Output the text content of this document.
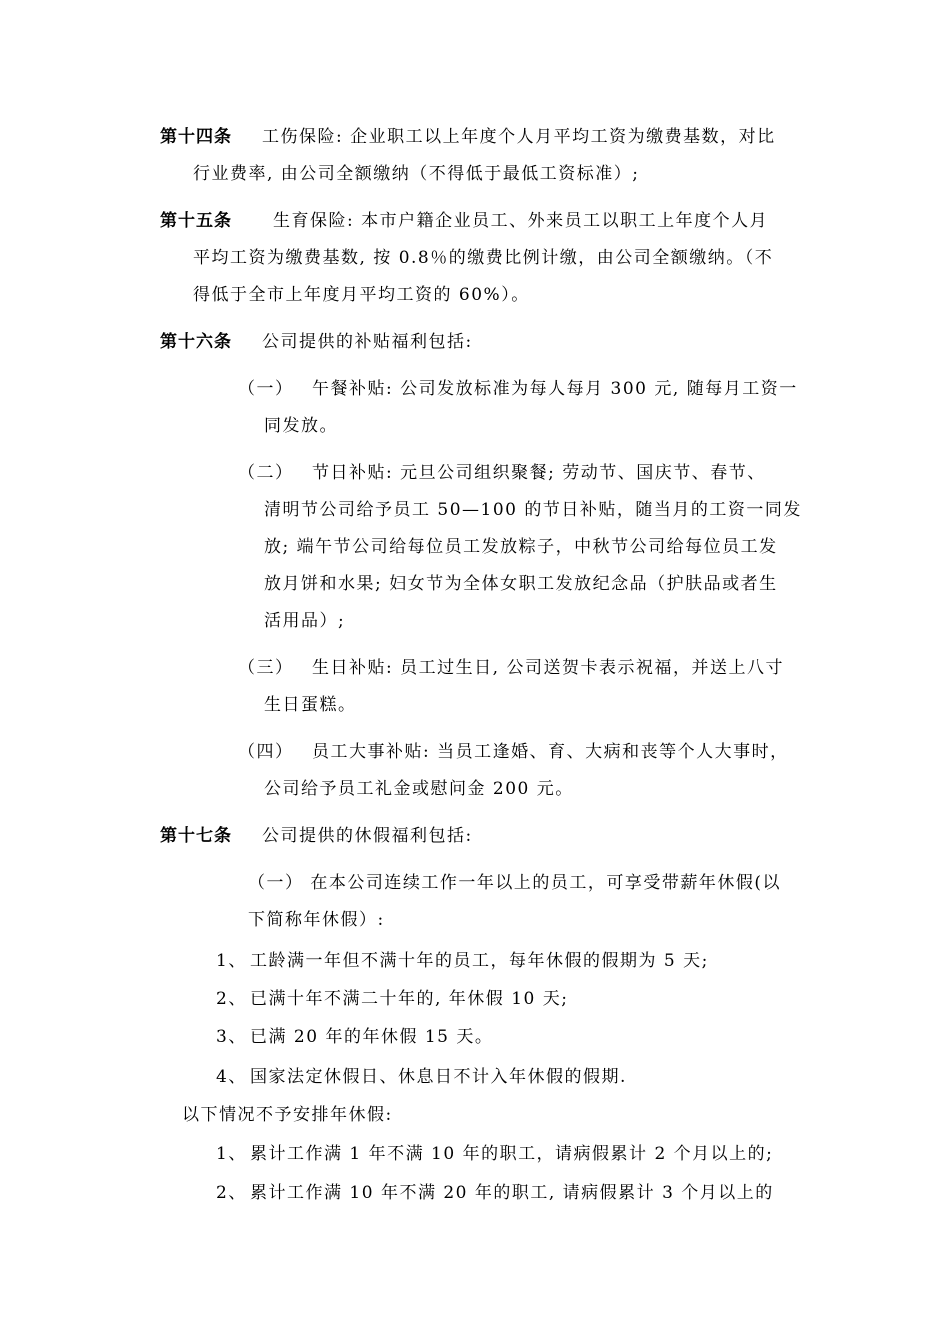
第十四条 工伤保险: 企业职工以上年度个人月平均工资为缴费基数，对比
行业费率, 由公司全额缴纳（不得低于最低工资标准）;
第十五条 生育保险: 本市户籍企业员工、外来员工以职工上年度个人月
平均工资为缴费基数, 按 0.8％的缴费比例计缴，由公司全额缴纳。（不
得低于全市上年度月平均工资的 60%）。
第十六条 公司提供的补贴福利包括:
（一） 午餐补贴: 公司发放标准为每人每月 300 元, 随每月工资一
同发放。
（二） 节日补贴: 元旦公司组织聚餐; 劳动节、国庆节、春节、
清明节公司给予员工 50—100 的节日补贴，随当月的工资一同发
放; 端午节公司给每位员工发放粽子，中秋节公司给每位员工发
放月饼和水果; 妇女节为全体女职工发放纪念品（护肤品或者生
活用品）;
（三） 生日补贴: 员工过生日, 公司送贺卡表示祝福，并送上八寸
生日蛋糕。
（四） 员工大事补贴: 当员工逢婚、育、大病和丧等个人大事时，
公司给予员工礼金或慰问金 200 元。
第十七条 公司提供的休假福利包括:
（一） 在本公司连续工作一年以上的员工，可享受带薪年休假(以
下简称年休假）:
1、 工龄满一年但不满十年的员工，每年休假的假期为 5 天;
2、 已满十年不满二十年的, 年休假 10 天;
3、 已满 20 年的年休假 15 天。
4、 国家法定休假日、休息日不计入年休假的假期.
以下情况不予安排年休假:
1、 累计工作满 1 年不满 10 年的职工，请病假累计 2 个月以上的;
2、 累计工作满 10 年不满 20 年的职工, 请病假累计 3 个月以上的
